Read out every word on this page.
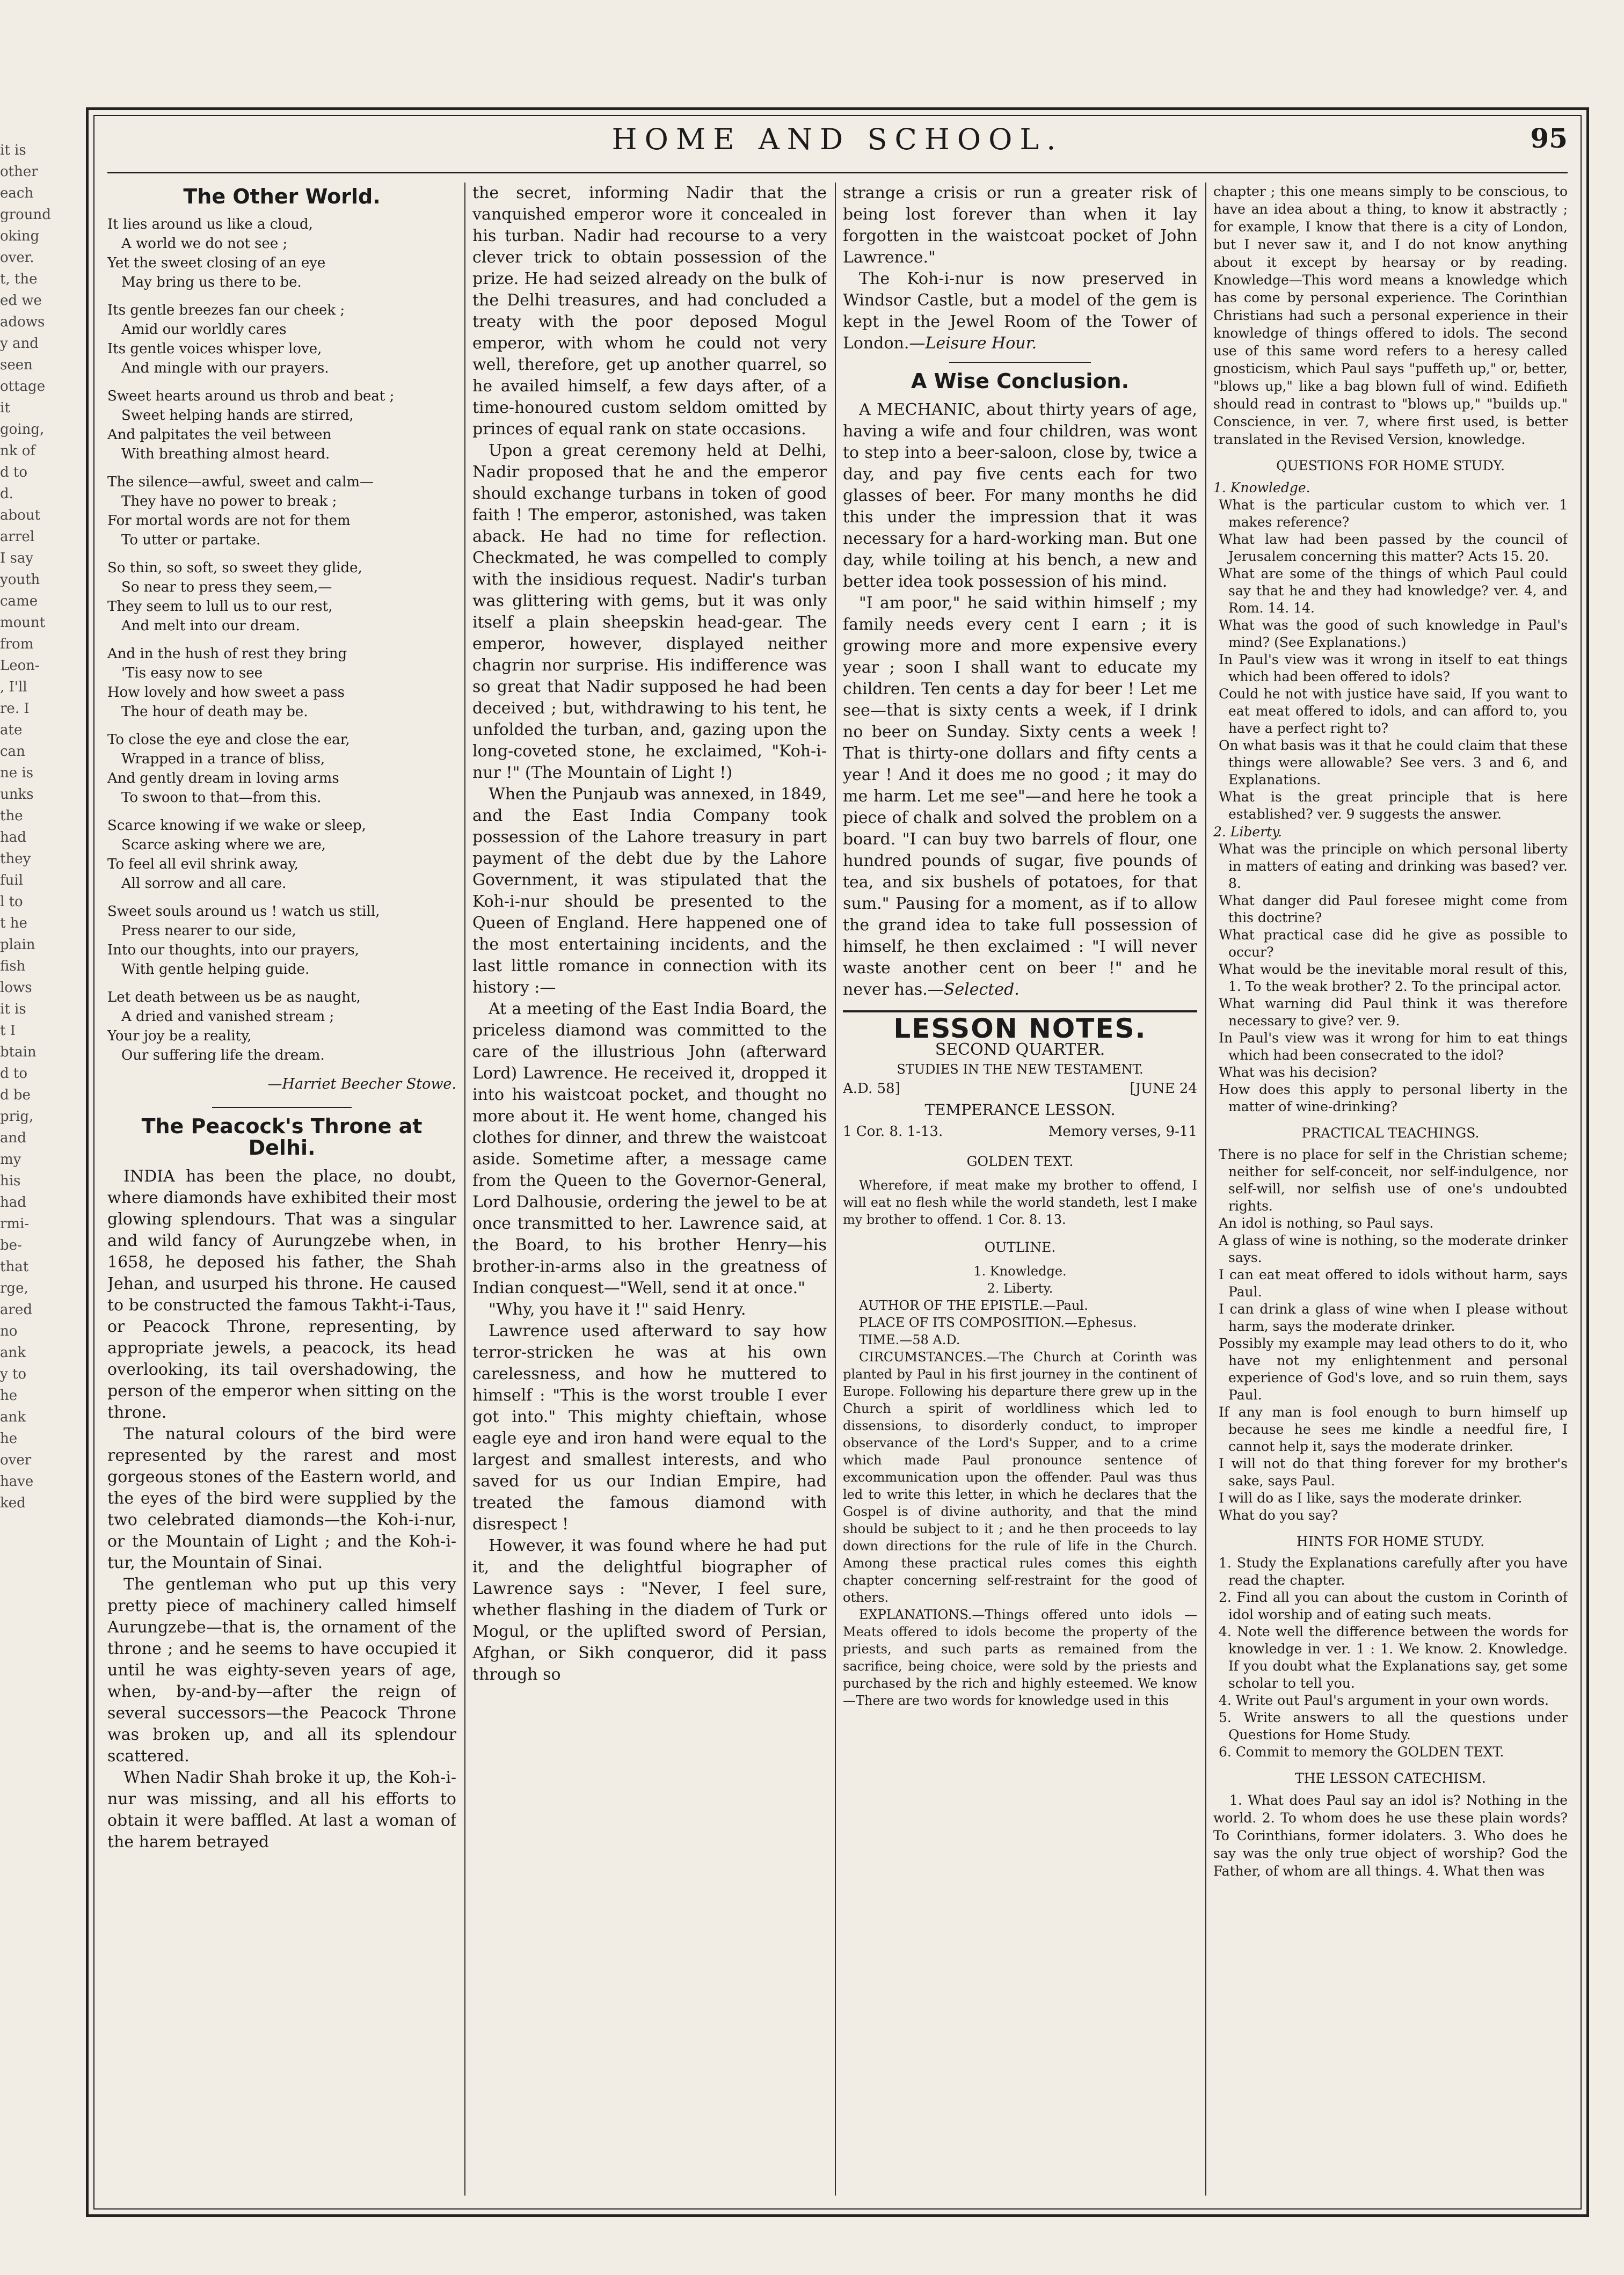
it is
other
each
ground
oking
over.
t, the
ed we
adows
y and
seen
ottage
it
going,
nk of
d to
d.
about
arrel
I say
youth
came
mount
from
Leon-
, I'll
re. I
ate
can
ne is
unks
the
had
they
fuil
l to
t he
plain
fish
lows
it is
t I
btain
d to
d be
prig,
and
my
his
had
rmi-
be-
that
rge,
ared
no
ank
y to
he
ank
he
over
have
ked
HOME AND SCHOOL.	95
The Other World.

It lies around us like a cloud,

A world we do not see ;

Yet the sweet closing of an eye

May bring us there to be.

Its gentle breezes fan our cheek ;

Amid our worldly cares

Its gentle voices whisper love,

And mingle with our prayers.

Sweet hearts around us throb and beat ;

Sweet helping hands are stirred,

And palpitates the veil between

With breathing almost heard.

The silence—awful, sweet and calm—

They have no power to break ;

For mortal words are not for them

To utter or partake.

So thin, so soft, so sweet they glide,

So near to press they seem,—

They seem to lull us to our rest,

And melt into our dream.

And in the hush of rest they bring

'Tis easy now to see

How lovely and how sweet a pass

The hour of death may be.

To close the eye and close the ear,

Wrapped in a trance of bliss,

And gently dream in loving arms

To swoon to that—from this.

Scarce knowing if we wake or sleep,

Scarce asking where we are,

To feel all evil shrink away,

All sorrow and all care.

Sweet souls around us ! watch us still,

Press nearer to our side,

Into our thoughts, into our prayers,

With gentle helping guide.

Let death between us be as naught,

A dried and vanished stream ;

Your joy be a reality,

Our suffering life the dream.

—Harriet Beecher Stowe.
The Peacock's Throne at Delhi.

INDIA has been the place, no doubt, where diamonds have exhibited their most glowing splendours. That was a singular and wild fancy of Aurungzebe when, in 1658, he deposed his father, the Shah Jehan, and usurped his throne. He caused to be constructed the famous Takht-i-Taus, or Peacock Throne, representing, by appropriate jewels, a peacock, its head overlooking, its tail overshadowing, the person of the emperor when sitting on the throne.

The natural colours of the bird were represented by the rarest and most gorgeous stones of the Eastern world, and the eyes of the bird were supplied by the two celebrated diamonds—the Koh-i-nur, or the Mountain of Light ; and the Koh-i-tur, the Mountain of Sinai.

The gentleman who put up this very pretty piece of machinery called himself Aurungzebe—that is, the ornament of the throne ; and he seems to have occupied it until he was eighty-seven years of age, when, by-and-by—after the reign of several successors—the Peacock Throne was broken up, and all its splendour scattered.

When Nadir Shah broke it up, the Koh-i-nur was missing, and all his efforts to obtain it were baffled. At last a woman of the harem betrayed

the secret, informing Nadir that the vanquished emperor wore it concealed in his turban. Nadir had recourse to a very clever trick to obtain possession of the prize. He had seized already on the bulk of the Delhi treasures, and had concluded a treaty with the poor deposed Mogul emperor, with whom he could not very well, therefore, get up another quarrel, so he availed himself, a few days after, of a time-honoured custom seldom omitted by princes of equal rank on state occasions.

Upon a great ceremony held at Delhi, Nadir proposed that he and the emperor should exchange turbans in token of good faith ! The emperor, astonished, was taken aback. He had no time for reflection. Checkmated, he was compelled to comply with the insidious request. Nadir's turban was glittering with gems, but it was only itself a plain sheepskin head-gear. The emperor, however, displayed neither chagrin nor surprise. His indifference was so great that Nadir supposed he had been deceived ; but, withdrawing to his tent, he unfolded the turban, and, gazing upon the long-coveted stone, he exclaimed, "Koh-i-nur !" (The Mountain of Light !)

When the Punjaub was annexed, in 1849, and the East India Company took possession of the Lahore treasury in part payment of the debt due by the Lahore Government, it was stipulated that the Koh-i-nur should be presented to the Queen of England. Here happened one of the most entertaining incidents, and the last little romance in connection with its history :—

At a meeting of the East India Board, the priceless diamond was committed to the care of the illustrious John (afterward Lord) Lawrence. He received it, dropped it into his waistcoat pocket, and thought no more about it. He went home, changed his clothes for dinner, and threw the waistcoat aside. Sometime after, a message came from the Queen to the Governor-General, Lord Dalhousie, ordering the jewel to be at once transmitted to her. Lawrence said, at the Board, to his brother Henry—his brother-in-arms also in the greatness of Indian conquest—"Well, send it at once."

"Why, you have it !" said Henry.

Lawrence used afterward to say how terror-stricken he was at his own carelessness, and how he muttered to himself : "This is the worst trouble I ever got into." This mighty chieftain, whose eagle eye and iron hand were equal to the largest and smallest interests, and who saved for us our Indian Empire, had treated the famous diamond with disrespect !

However, it was found where he had put it, and the delightful biographer of Lawrence says : "Never, I feel sure, whether flashing in the diadem of Turk or Mogul, or the uplifted sword of Persian, Afghan, or Sikh conqueror, did it pass through so

strange a crisis or run a greater risk of being lost forever than when it lay forgotten in the waistcoat pocket of John Lawrence."

The Koh-i-nur is now preserved in Windsor Castle, but a model of the gem is kept in the Jewel Room of the Tower of London.—Leisure Hour.

A Wise Conclusion.

A MECHANIC, about thirty years of age, having a wife and four children, was wont to step into a beer-saloon, close by, twice a day, and pay five cents each for two glasses of beer. For many months he did this under the impression that it was necessary for a hard-working man. But one day, while toiling at his bench, a new and better idea took possession of his mind.

"I am poor," he said within himself ; my family needs every cent I earn ; it is growing more and more expensive every year ; soon I shall want to educate my children. Ten cents a day for beer ! Let me see—that is sixty cents a week, if I drink no beer on Sunday. Sixty cents a week ! That is thirty-one dollars and fifty cents a year ! And it does me no good ; it may do me harm. Let me see"—and here he took a piece of chalk and solved the problem on a board. "I can buy two barrels of flour, one hundred pounds of sugar, five pounds of tea, and six bushels of potatoes, for that sum." Pausing for a moment, as if to allow the grand idea to take full possession of himself, he then exclaimed : "I will never waste another cent on beer !" and he never has.—Selected.

LESSON NOTES.
SECOND QUARTER.
STUDIES IN THE NEW TESTAMENT.
A.D. 58]	[JUNE 24
TEMPERANCE LESSON.
1 Cor. 8. 1-13.	Memory verses, 9-11
GOLDEN TEXT.

Wherefore, if meat make my brother to offend, I will eat no flesh while the world standeth, lest I make my brother to offend. 1 Cor. 8. 13.

OUTLINE.
1. Knowledge.
2. Liberty.

AUTHOR OF THE EPISTLE.—Paul.

PLACE OF ITS COMPOSITION.—Ephesus.

TIME.—58 A.D.

CIRCUMSTANCES.—The Church at Corinth was planted by Paul in his first journey in the continent of Europe. Following his departure there grew up in the Church a spirit of worldliness which led to dissensions, to disorderly conduct, to improper observance of the Lord's Supper, and to a crime which made Paul pronounce sentence of excommunication upon the offender. Paul was thus led to write this letter, in which he declares that the Gospel is of divine authority, and that the mind should be subject to it ; and he then proceeds to lay down directions for the rule of life in the Church. Among these practical rules comes this eighth chapter concerning self-restraint for the good of others.

EXPLANATIONS.—Things offered unto idols —Meats offered to idols become the property of the priests, and such parts as remained from the sacrifice, being choice, were sold by the priests and purchased by the rich and highly esteemed. We know—There are two words for knowledge used in this

chapter ; this one means simply to be conscious, to have an idea about a thing, to know it abstractly ; for example, I know that there is a city of London, but I never saw it, and I do not know anything about it except by hearsay or by reading. Knowledge—This word means a knowledge which has come by personal experience. The Corinthian Christians had such a personal experience in their knowledge of things offered to idols. The second use of this same word refers to a heresy called gnosticism, which Paul says "puffeth up," or, better, "blows up," like a bag blown full of wind. Edifieth should read in contrast to "blows up," "builds up." Conscience, in ver. 7, where first used, is better translated in the Revised Version, knowledge.

QUESTIONS FOR HOME STUDY.
1. Knowledge.

What is the particular custom to which ver. 1 makes reference?

What law had been passed by the council of Jerusalem concerning this matter? Acts 15. 20.

What are some of the things of which Paul could say that he and they had knowledge? ver. 4, and Rom. 14. 14.

What was the good of such knowledge in Paul's mind? (See Explanations.)

In Paul's view was it wrong in itself to eat things which had been offered to idols?

Could he not with justice have said, If you want to eat meat offered to idols, and can afford to, you have a perfect right to?

On what basis was it that he could claim that these things were allowable? See vers. 3 and 6, and Explanations.

What is the great principle that is here established? ver. 9 suggests the answer.

2. Liberty.

What was the principle on which personal liberty in matters of eating and drinking was based? ver. 8.

What danger did Paul foresee might come from this doctrine?

What practical case did he give as possible to occur?

What would be the inevitable moral result of this, 1. To the weak brother? 2. To the principal actor.

What warning did Paul think it was therefore necessary to give? ver. 9.

In Paul's view was it wrong for him to eat things which had been consecrated to the idol?

What was his decision?

How does this apply to personal liberty in the matter of wine-drinking?

PRACTICAL TEACHINGS.

There is no place for self in the Christian scheme; neither for self-conceit, nor self-indulgence, nor self-will, nor selfish use of one's undoubted rights.

An idol is nothing, so Paul says.

A glass of wine is nothing, so the moderate drinker says.

I can eat meat offered to idols without harm, says Paul.

I can drink a glass of wine when I please without harm, says the moderate drinker.

Possibly my example may lead others to do it, who have not my enlightenment and personal experience of God's love, and so ruin them, says Paul.

If any man is fool enough to burn himself up because he sees me kindle a needful fire, I cannot help it, says the moderate drinker.

I will not do that thing forever for my brother's sake, says Paul.

I will do as I like, says the moderate drinker.

What do you say?

HINTS FOR HOME STUDY.

1. Study the Explanations carefully after you have read the chapter.

2. Find all you can about the custom in Corinth of idol worship and of eating such meats.

4. Note well the difference between the words for knowledge in ver. 1 : 1. We know. 2. Knowledge. If you doubt what the Explanations say, get some scholar to tell you.

4. Write out Paul's argument in your own words.

5. Write answers to all the questions under Questions for Home Study.

6. Commit to memory the GOLDEN TEXT.

THE LESSON CATECHISM.

1. What does Paul say an idol is? Nothing in the world. 2. To whom does he use these plain words? To Corinthians, former idolaters. 3. Who does he say was the only true object of worship? God the Father, of whom are all things. 4. What then was
